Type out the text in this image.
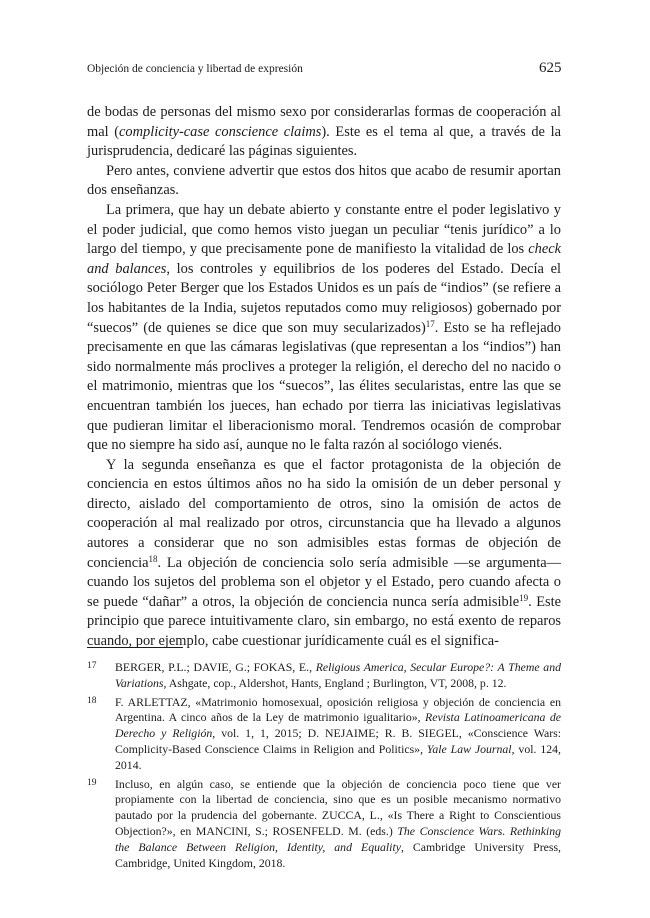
Objeción de conciencia y libertad de expresión	625

de bodas de personas del mismo sexo por considerarlas formas de cooperación al mal (complicity-case conscience claims). Este es el tema al que, a través de la jurisprudencia, dedicaré las páginas siguientes.

Pero antes, conviene advertir que estos dos hitos que acabo de resumir aportan dos enseñanzas.

La primera, que hay un debate abierto y constante entre el poder legislativo y el poder judicial, que como hemos visto juegan un peculiar “tenis jurídico” a lo largo del tiempo, y que precisamente pone de manifiesto la vitalidad de los check and balances, los controles y equilibrios de los poderes del Estado. Decía el sociólogo Peter Berger que los Estados Unidos es un país de “indios” (se refiere a los habitantes de la India, sujetos reputados como muy religiosos) gobernado por “suecos” (de quienes se dice que son muy secularizados)$^{17}$. Esto se ha reflejado precisamente en que las cámaras legislativas (que representan a los “indios”) han sido normalmente más proclives a proteger la religión, el derecho del no nacido o el matrimonio, mientras que los “suecos”, las élites secularistas, entre las que se encuentran también los jueces, han echado por tierra las iniciativas legislativas que pudieran limitar el liberacionismo moral. Tendremos ocasión de comprobar que no siempre ha sido así, aunque no le falta razón al sociólogo vienés.

Y la segunda enseñanza es que el factor protagonista de la objeción de conciencia en estos últimos años no ha sido la omisión de un deber personal y directo, aislado del comportamiento de otros, sino la omisión de actos de cooperación al mal realizado por otros, circunstancia que ha llevado a algunos autores a considerar que no son admisibles estas formas de objeción de conciencia$^{18}$. La objeción de conciencia solo sería admisible —se argumenta— cuando los sujetos del problema son el objetor y el Estado, pero cuando afecta o se puede “dañar” a otros, la objeción de conciencia nunca sería admisible$^{19}$. Este principio que parece intuitivamente claro, sin embargo, no está exento de reparos cuando, por ejemplo, cabe cuestionar jurídicamente cuál es el significa-

17 BERGER, P.L.; DAVIE, G.; FOKAS, E., Religious America, Secular Europe?: A Theme and Variations, Ashgate, cop., Aldershot, Hants, England ; Burlington, VT, 2008, p. 12.

18 F. ARLETTAZ, «Matrimonio homosexual, oposición religiosa y objeción de conciencia en Argentina. A cinco años de la Ley de matrimonio igualitario», Revista Latinoamericana de Derecho y Religión, vol. 1, 1, 2015; D. NEJAIME; R. B. SIEGEL, «Conscience Wars: Complicity-Based Conscience Claims in Religion and Politics», Yale Law Journal, vol. 124, 2014.

19 Incluso, en algún caso, se entiende que la objeción de conciencia poco tiene que ver propiamente con la libertad de conciencia, sino que es un posible mecanismo normativo pautado por la prudencia del gobernante. ZUCCA, L., «Is There a Right to Conscientious Objection?», en MANCINI, S.; ROSENFELD. M. (eds.) The Conscience Wars. Rethinking the Balance Between Religion, Identity, and Equality, Cambridge University Press, Cambridge, United Kingdom, 2018.
